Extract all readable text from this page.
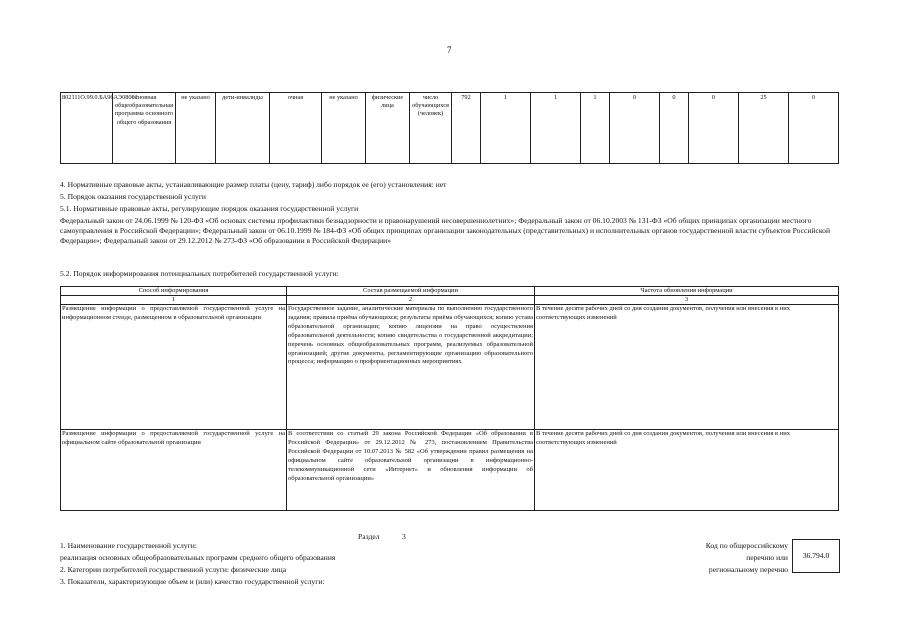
7
802111О.99.0.БА96АЭ08001	основная общеобразовательная программа основного общего образования	не указано	дети-инвалиды	очная	не указано	физические лица	число обучающихся (человек)	792	1	1	1	0	0	0	25	0
4. Нормативные правовые акты, устанавливающие размер платы (цену, тариф) либо порядок ее (его) установления: нет
5. Порядок оказания государственной услуги
5.1. Нормативные правовые акты, регулирующие порядок оказания государственной услуги
Федеральный закон от 24.06.1999 № 120-ФЗ «Об основах системы профилактики безнадзорности и правонарушений несовершеннолетних»; Федеральный закон от 06.10.2003 № 131-ФЗ «Об общих принципах организации местного самоуправления в Российской Федерации»; Федеральный закон от 06.10.1999 № 184-ФЗ «Об общих принципах организации законодательных (представительных) и исполнительных органов государственной власти субъектов Российской Федерации»; Федеральный закон от 29.12.2012 № 273-ФЗ «Об образовании в Российской Федерации»
5.2. Порядок информирования потенциальных потребителей государственной услуги:
Способ информирования	Состав размещаемой информации	Частота обновления информации
1	2	3
Размещение информации о предоставляемой государственной услуге на информационном стенде, размещенном в образовательной организации	Государственное задание, аналитические материалы по выполнению государственного задания; правила приёма обучающихся; результаты приёма обучающихся; копию устава образовательной организации; копию лицензии на право осуществления образовательной деятельности; копию свидетельства о государственной аккредитации; перечень основных общеобразовательных программ, реализуемых образовательной организацией; другие документы, регламентирующие организацию образовательного процесса; информацию о профориентационных мероприятиях	В течение десяти рабочих дней со дня создания документов, получения или внесения в них соответствующих изменений
Размещение информации о предоставляемой государственной услуге на официальном сайте образовательной организации	В соответствии со статьей 29 закона Российской Федерации «Об образовании в Российской Федерации» от 29.12.2012 № 273, постановлением Правительства Российской Федерации от 10.07.2013 № 582 «Об утверждении правил размещения на официальном сайте образовательной организации в информационно-телекоммуникационной сети «Интернет» и обновления информации об образовательной организации»	В течение десяти рабочих дней со дня создания документов, получения или внесения в них соответствующих изменений
Раздел	3
1. Наименование государственной услуги:
реализация основных общеобразовательных программ среднего общего образования
2. Категории потребителей государственной услуги: физические лица
3. Показатели, характеризующие объем и (или) качество государственной услуги:
Код по общероссийскому
перечню или
региональному перечню
36.794.0
